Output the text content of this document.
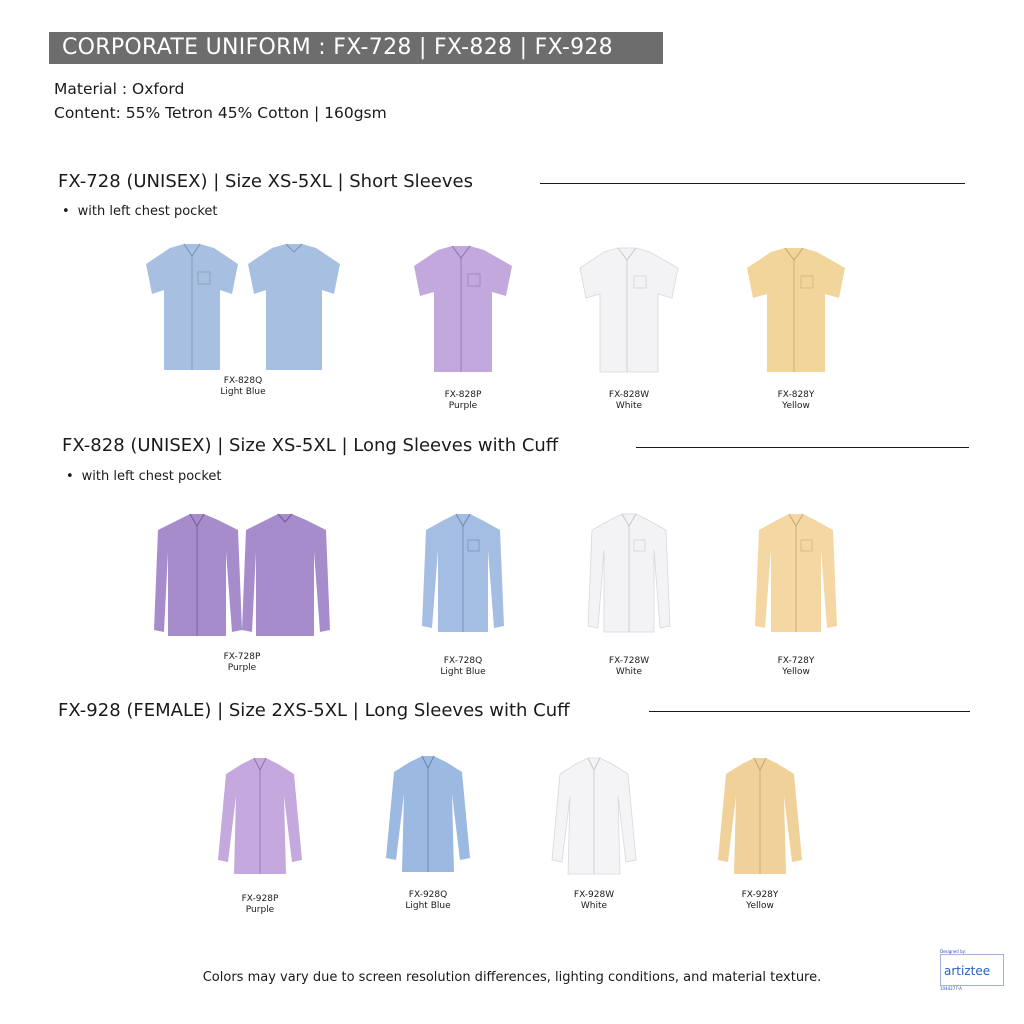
CORPORATE UNIFORM : FX-728 | FX-828 | FX-928
Material : Oxford
Content: 55% Tetron 45% Cotton | 160gsm
FX-728 (UNISEX) | Size XS-5XL | Short Sleeves
• with left chest pocket
FX-828 (UNISEX) | Size XS-5XL | Long Sleeves with Cuff
• with left chest pocket
FX-928 (FEMALE) | Size 2XS-5XL | Long Sleeves with Cuff
FX-828Q
Light Blue	FX-828P
Purple
FX-828W
White
FX-828Y
Yellow
FX-728P
Purple
FX-728Q
Light Blue
FX-728W
White
FX-728Y
Yellow
FX-928P
Purple
FX-928Q
Light Blue
FX-928W
White
FX-928Y
Yellow
Colors may vary due to screen resolution differences, lighting conditions, and material texture.
Designed by:
artiztee
1044277-A
